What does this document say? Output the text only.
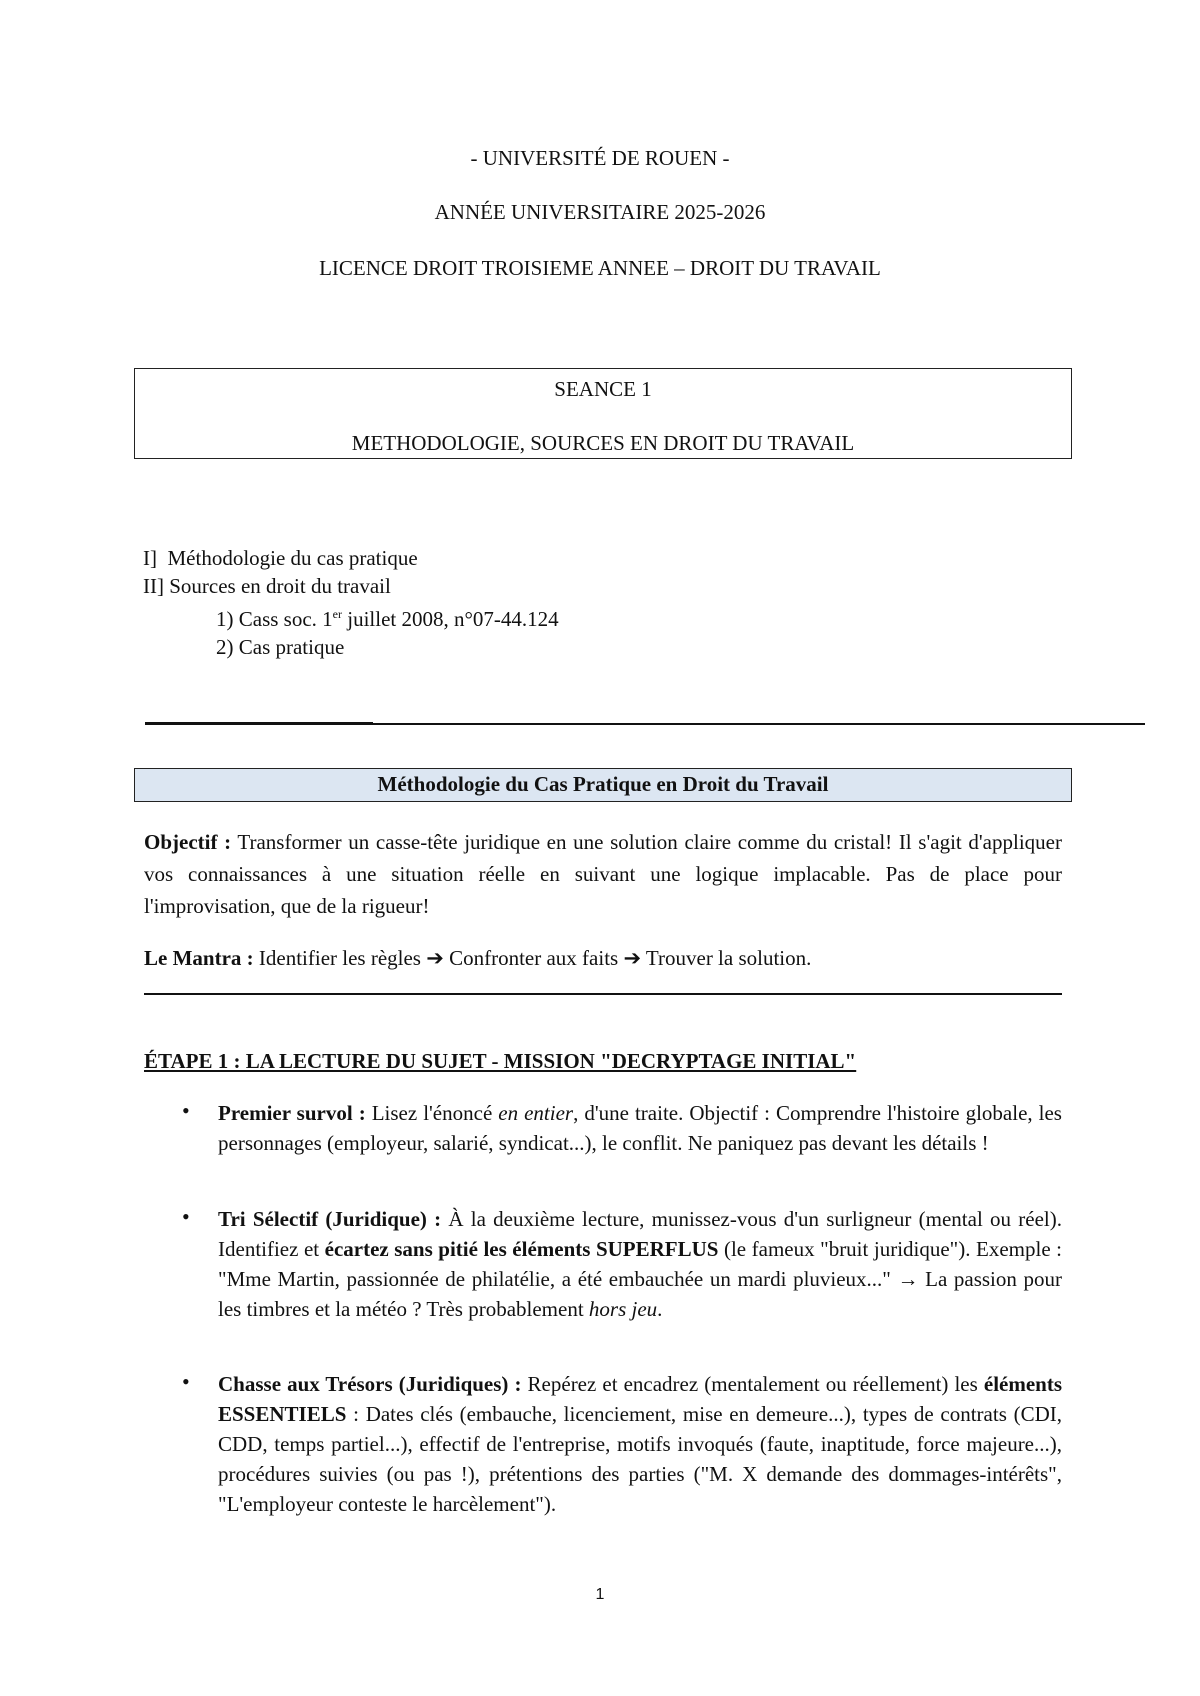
- UNIVERSITÉ DE ROUEN -
ANNÉE UNIVERSITAIRE 2025-2026
LICENCE DROIT TROISIEME ANNEE – DROIT DU TRAVAIL
SEANCE 1
METHODOLOGIE, SOURCES EN DROIT DU TRAVAIL
I]  Méthodologie du cas pratique
II] Sources en droit du travail
1) Cass soc. 1er juillet 2008, n°07-44.124
2) Cas pratique
Méthodologie du Cas Pratique en Droit du Travail
Objectif : Transformer un casse-tête juridique en une solution claire comme du cristal! Il s'agit d'appliquer vos connaissances à une situation réelle en suivant une logique implacable. Pas de place pour l'improvisation, que de la rigueur!
Le Mantra : Identifier les règles ➔ Confronter aux faits ➔ Trouver la solution.
ÉTAPE 1 : LA LECTURE DU SUJET - MISSION "DECRYPTAGE INITIAL"
• Premier survol : Lisez l'énoncé en entier, d'une traite. Objectif : Comprendre l'histoire globale, les personnages (employeur, salarié, syndicat...), le conflit. Ne paniquez pas devant les détails !
• Tri Sélectif (Juridique) : À la deuxième lecture, munissez-vous d'un surligneur (mental ou réel). Identifiez et écartez sans pitié les éléments SUPERFLUS (le fameux "bruit juridique"). Exemple : "Mme Martin, passionnée de philatélie, a été embauchée un mardi pluvieux..." → La passion pour les timbres et la météo ? Très probablement hors jeu.
• Chasse aux Trésors (Juridiques) : Repérez et encadrez (mentalement ou réellement) les éléments ESSENTIELS : Dates clés (embauche, licenciement, mise en demeure...), types de contrats (CDI, CDD, temps partiel...), effectif de l'entreprise, motifs invoqués (faute, inaptitude, force majeure...), procédures suivies (ou pas !), prétentions des parties ("M. X demande des dommages-intérêts", "L'employeur conteste le harcèlement").
1
